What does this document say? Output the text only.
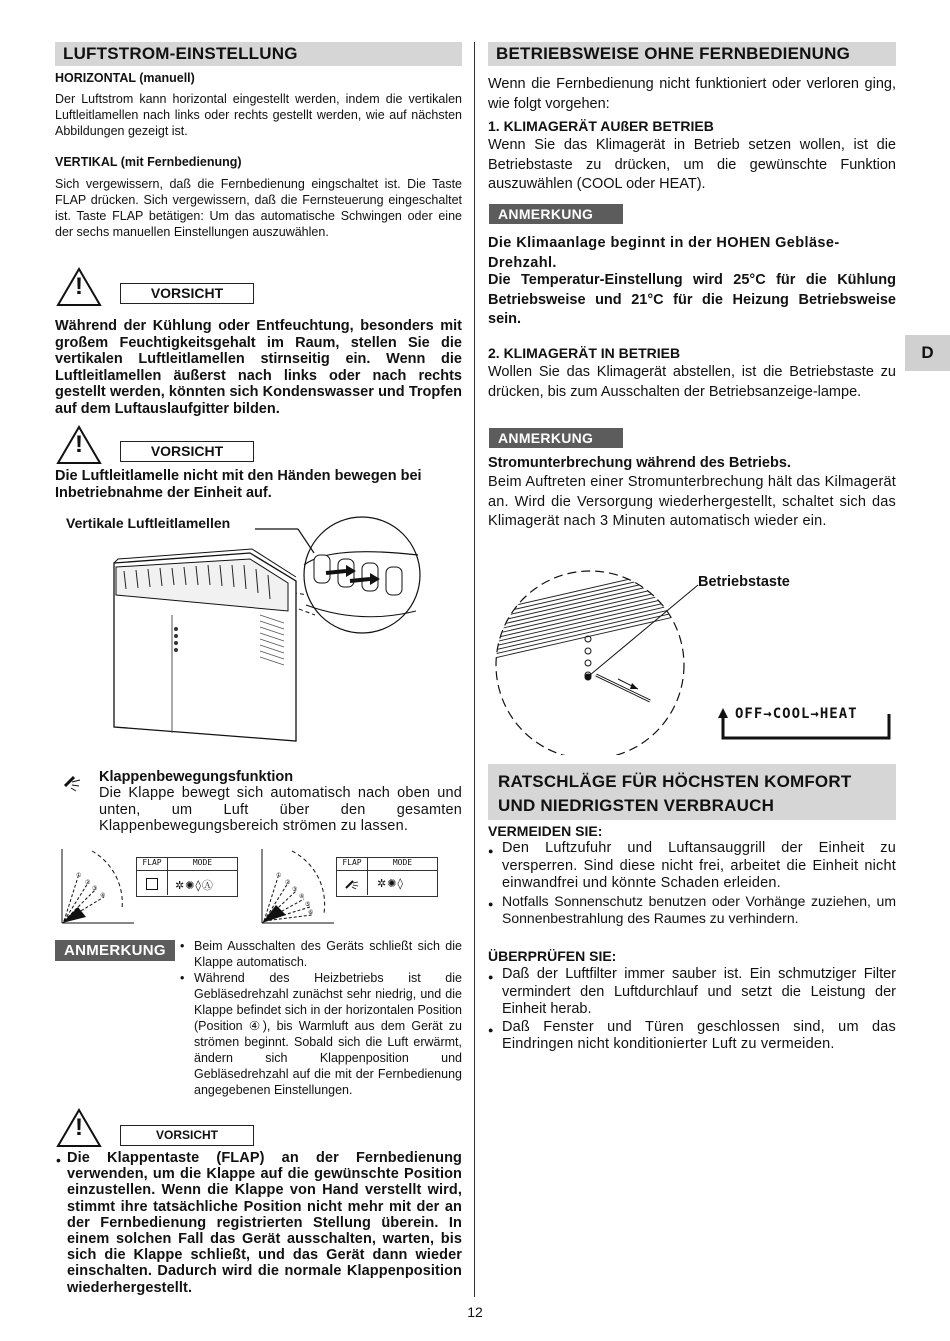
LUFTSTROM-EINSTELLUNG
HORIZONTAL (manuell)
Der Luftstrom kann horizontal eingestellt werden, indem die vertikalen Luftleitlamellen nach links oder rechts gestellt werden, wie auf nächsten Abbildungen gezeigt ist.
VERTIKAL (mit Fernbedienung)
Sich vergewissern, daß die Fernbedienung eingschaltet ist. Die Taste FLAP drücken. Sich vergewissern, daß die Fernsteuerung eingeschaltet ist. Taste FLAP betätigen: Um das automatische Schwingen oder eine der sechs manuellen Einstellungen auszuwählen.
!	VORSICHT
Während der Kühlung oder Entfeuchtung, besonders mit großem Feuchtigkeitsgehalt im Raum, stellen Sie die vertikalen Luftleitlamellen stirnseitig ein. Wenn die Luftleitlamellen äußerst nach links oder nach rechts gestellt werden, könnten sich Kondenswasser und Tropfen auf dem Luftauslaufgitter bilden.
!	VORSICHT
Die Luftleitlamelle nicht mit den Händen bewegen bei Inbetriebnahme der Einheit auf.
Vertikale Luftleitlamellen
Klappenbewegungsfunktion
Die Klappe bewegt sich automatisch nach oben und unten, um Luft über den gesamten Klappenbewegungsbereich strömen zu lassen.
①
②
③
④
FLAP	MODE
✲✺◊Ⓐ
①
②
③
④
⑤
⑥
FLAP	MODE
✲✺◊
ANMERKUNG	• Beim Ausschalten des Geräts schließt sich die Klappe automatisch.
• Während des Heizbetriebs ist die Gebläsedrehzahl zunächst sehr niedrig, und die Klappe befindet sich in der horizontalen Position (Position ④), bis Warmluft aus dem Gerät zu strömen beginnt. Sobald sich die Luft erwärmt, ändern sich Klappenposition und Gebläsedrehzahl auf die mit der Fernbedienung angegebenen Einstellungen.
!	VORSICHT
• Die Klappentaste (FLAP) an der Fernbedienung verwenden, um die Klappe auf die gewünschte Position einzustellen. Wenn die Klappe von Hand verstellt wird, stimmt ihre tatsächliche Position nicht mehr mit der an der Fernbedienung registrierten Stellung überein. In einem solchen Fall das Gerät ausschalten, warten, bis sich die Klappe schließt, und das Gerät dann wieder einschalten. Dadurch wird die normale Klappenposition wiederhergestellt.
BETRIEBSWEISE OHNE FERNBEDIENUNG
Wenn die Fernbedienung nicht funktioniert oder verloren ging, wie folgt vorgehen:
1. KLIMAGERÄT AUßER BETRIEB
Wenn Sie das Klimagerät in Betrieb setzen wollen, ist die Betriebstaste zu drücken, um die gewünschte Funktion auszuwählen (COOL oder HEAT).
ANMERKUNG
Die Klimaanlage beginnt in der HOHEN Gebläse-Drehzahl.
Die Temperatur-Einstellung wird 25°C für die Kühlung Betriebsweise und 21°C für die Heizung Betriebsweise sein.
2. KLIMAGERÄT IN BETRIEB
Wollen Sie das Klimagerät abstellen, ist die Betriebstaste zu drücken, bis zum Ausschalten der Betriebsanzeige-lampe.
ANMERKUNG
Stromunterbrechung während des Betriebs.
Beim Auftreten einer Stromunterbrechung hält das Kilmagerät an. Wird die Versorgung wiederhergestellt, schaltet sich das Klimagerät nach 3 Minuten automatisch wieder ein.
Betriebstaste
OFF→COOL→HEAT
RATSCHLÄGE FÜR HÖCHSTEN KOMFORT
UND NIEDRIGSTEN VERBRAUCH
VERMEIDEN SIE:
● Den Luftzufuhr und Luftansauggrill der Einheit zu versperren. Sind diese nicht frei, arbeitet die Einheit nicht einwandfrei und könnte Schaden erleiden.
● Notfalls Sonnenschutz benutzen oder Vorhänge zuziehen, um Sonnenbestrahlung des Raumes zu verhindern.
ÜBERPRÜFEN SIE:
● Daß der Luftfilter immer sauber ist. Ein schmutziger Filter vermindert den Luftdurchlauf und setzt die Leistung der Einheit herab.
● Daß Fenster und Türen geschlossen sind, um das Eindringen nicht konditionierter Luft zu vermeiden.
D
12
